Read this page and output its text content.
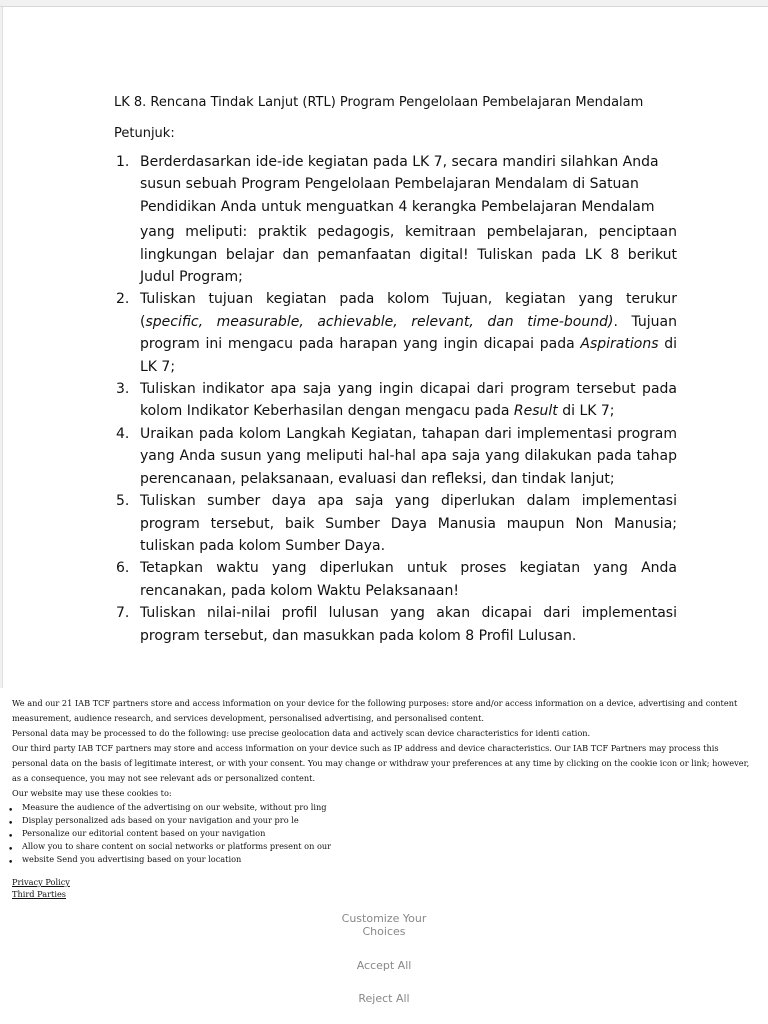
LK 8. Rencana Tindak Lanjut (RTL) Program Pengelolaan Pembelajaran Mendalam
Petunjuk:
1. Berderdasarkan ide-ide kegiatan pada LK 7, secara mandiri silahkan Anda susun sebuah Program Pengelolaan Pembelajaran Mendalam di Satuan Pendidikan Anda untuk menguatkan 4 kerangka Pembelajaran Mendalam
yang meliputi: praktik pedagogis, kemitraan pembelajaran, penciptaan lingkungan belajar dan pemanfaatan digital! Tuliskan pada LK 8 berikut Judul Program;
2. Tuliskan tujuan kegiatan pada kolom Tujuan, kegiatan yang terukur (specific, measurable, achievable, relevant, dan time-bound). Tujuan program ini mengacu pada harapan yang ingin dicapai pada Aspirations di LK 7;
3. Tuliskan indikator apa saja yang ingin dicapai dari program tersebut pada kolom Indikator Keberhasilan dengan mengacu pada Result di LK 7;
4. Uraikan pada kolom Langkah Kegiatan, tahapan dari implementasi program yang Anda susun yang meliputi hal-hal apa saja yang dilakukan pada tahap perencanaan, pelaksanaan, evaluasi dan refleksi, dan tindak lanjut;
5. Tuliskan sumber daya apa saja yang diperlukan dalam implementasi program tersebut, baik Sumber Daya Manusia maupun Non Manusia; tuliskan pada kolom Sumber Daya.
6. Tetapkan waktu yang diperlukan untuk proses kegiatan yang Anda rencanakan, pada kolom Waktu Pelaksanaan!
7. Tuliskan nilai-nilai profil lulusan yang akan dicapai dari implementasi program tersebut, dan masukkan pada kolom 8 Profil Lulusan.

We and our 21 IAB TCF partners store and access information on your device for the following purposes: store and/or access information on a device, advertising and content measurement, audience research, and services development, personalised advertising, and personalised content.

Personal data may be processed to do the following: use precise geolocation data and actively scan device characteristics for identi cation.

Our third party IAB TCF partners may store and access information on your device such as IP address and device characteristics. Our IAB TCF Partners may process this personal data on the basis of legitimate interest, or with your consent. You may change or withdraw your preferences at any time by clicking on the cookie icon or link; however, as a consequence, you may not see relevant ads or personalized content.

Our website may use these cookies to:

• Measure the audience of the advertising on our website, without pro ling
• Display personalized ads based on your navigation and your pro le
• Personalize our editorial content based on your navigation
• Allow you to share content on social networks or platforms present on our
• website Send you advertising based on your location
Privacy Policy
Third Parties
Customize Your
Choices
Accept All
Reject All
